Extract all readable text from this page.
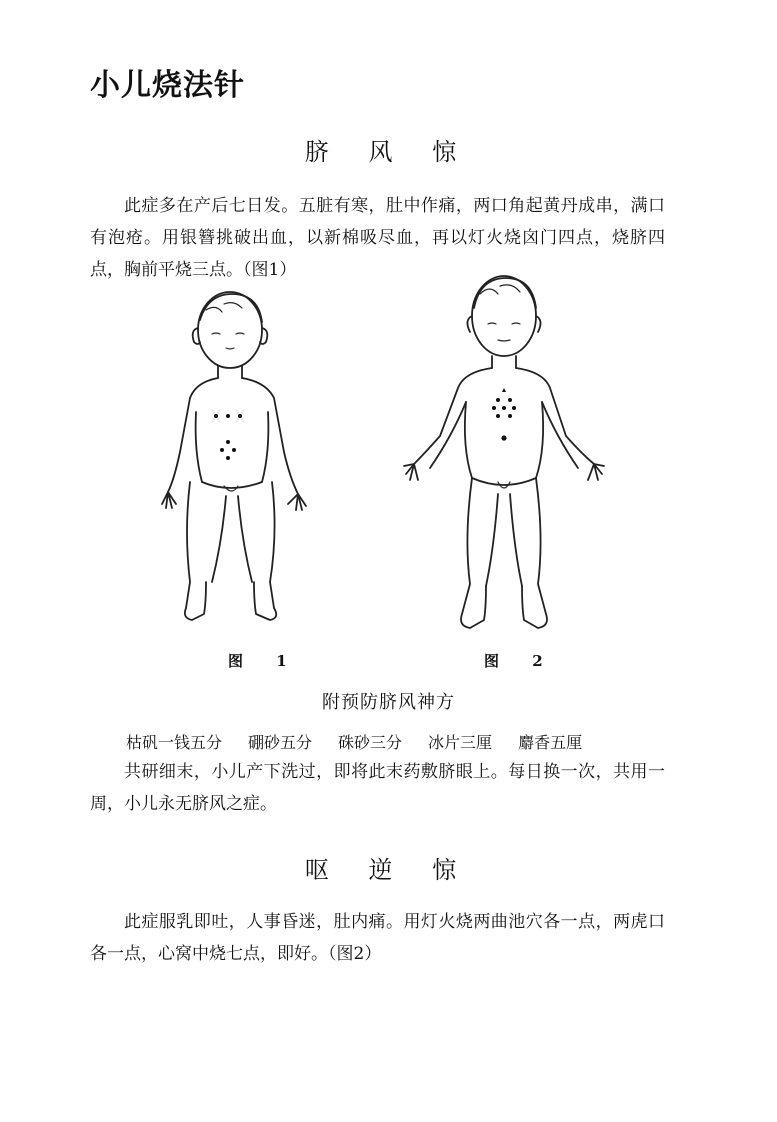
小儿烧法针
脐 风 惊

此症多在产后七日发。五脏有寒，肚中作痛，两口角起黄丹成串，满口有泡疮。用银簪挑破出血，以新棉吸尽血，再以灯火烧囟门四点，烧脐四点，胸前平烧三点。（图1）

图 1	图 2
附预防脐风神方
枯矾一钱五分 硼砂五分 硃砂三分 冰片三厘 麝香五厘

共研细末，小儿产下洗过，即将此末药敷脐眼上。每日换一次，共用一周，小儿永无脐风之症。

呕 逆 惊

此症服乳即吐，人事昏迷，肚内痛。用灯火烧两曲池穴各一点，两虎口各一点，心窝中烧七点，即好。（图2）
